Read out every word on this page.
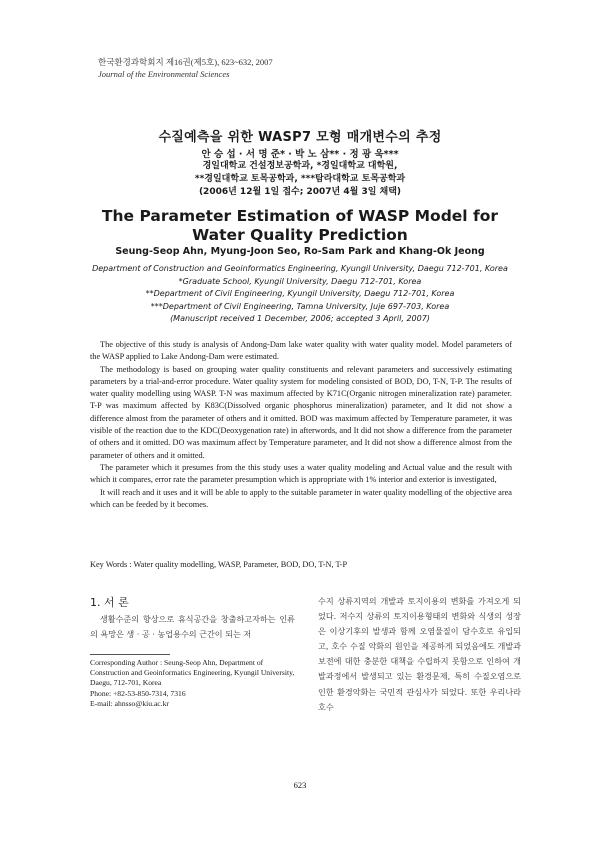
한국환경과학회지 제16권(제5호), 623~632, 2007
Journal of the Environmental Sciences
수질예측을 위한 WASP7 모형 매개변수의 추정
안 승 섭 · 서 명 준* · 박 노 삼** · 정 광 욱***
경일대학교 건설정보공학과, *경일대학교 대학원,
**경일대학교 토목공학과, ***탐라대학교 토목공학과
(2006년 12월 1일 접수; 2007년 4월 3일 채택)
The Parameter Estimation of WASP Model for
Water Quality Prediction
Seung-Seop Ahn, Myung-Joon Seo, Ro-Sam Park and Khang-Ok Jeong
Department of Construction and Geoinformatics Engineering, Kyungil University, Daegu 712-701, Korea
*Graduate School, Kyungil University, Daegu 712-701, Korea
**Department of Civil Engineering, Kyungil University, Daegu 712-701, Korea
***Department of Civil Engineering, Tamna University, Juje 697-703, Korea
(Manuscript received 1 December, 2006; accepted 3 April, 2007)

The objective of this study is analysis of Andong-Dam lake water quality with water quality model. Model parameters of the WASP applied to Lake Andong-Dam were estimated.

The methodology is based on grouping water quality constituents and relevant parameters and successively estimating parameters by a trial-and-error procedure. Water quality system for modeling consisted of BOD, DO, T-N, T-P. The results of water quality modelling using WASP. T-N was maximum affected by K71C(Organic nitrogen mineralization rate) parameter. T-P was maximum affected by K83C(Dissolved organic phosphorus mineralization) parameter, and It did not show a difference almost from the parameter of others and it omitted. BOD was maximum affected by Temperature parameter, it was visible of the reaction due to the KDC(Deoxygenation rate) in afterwords, and It did not show a difference from the parameter of others and it omitted. DO was maximum affect by Temperature parameter, and It did not show a difference almost from the parameter of others and it omitted.

The parameter which it presumes from the this study uses a water quality modeling and Actual value and the result with which it compares, error rate the parameter presumption which is appropriate with 1% interior and exterior is investigated,

It will reach and it uses and it will be able to apply to the suitable parameter in water quality modelling of the objective area which can be feeded by it becomes.

Key Words : Water quality modelling, WASP, Parameter, BOD, DO, T-N, T-P
1. 서 론

생활수준의 향상으로 휴식공간을 창출하고자하는 인류의 욕망은 생 · 공 · 농업용수의 근간이 되는 저

수지 상류지역의 개발과 토지이용의 변화를 가져오게 되었다. 저수지 상류의 토지이용형태의 변화와 식생의 성장은 이상기후의 발생과 함께 오염물질이 담수호로 유입되고, 호수 수질 악화의 원인을 제공하게 되었음에도 개발과 보전에 대한 충분한 대책을 수립하지 못함으로 인하여 개발과정에서 발생되고 있는 환경문제, 특히 수질오염으로 인한 환경악화는 국민적 관심사가 되었다. 또한 우리나라 호수

Corresponding Author : Seung-Seop Ahn, Department of Construction and Geoinformatics Engineering, Kyungil University,
Daegu, 712-701, Korea
Phone: +82-53-850-7314, 7316
E-mail: ahnsso@kiu.ac.kr
623
